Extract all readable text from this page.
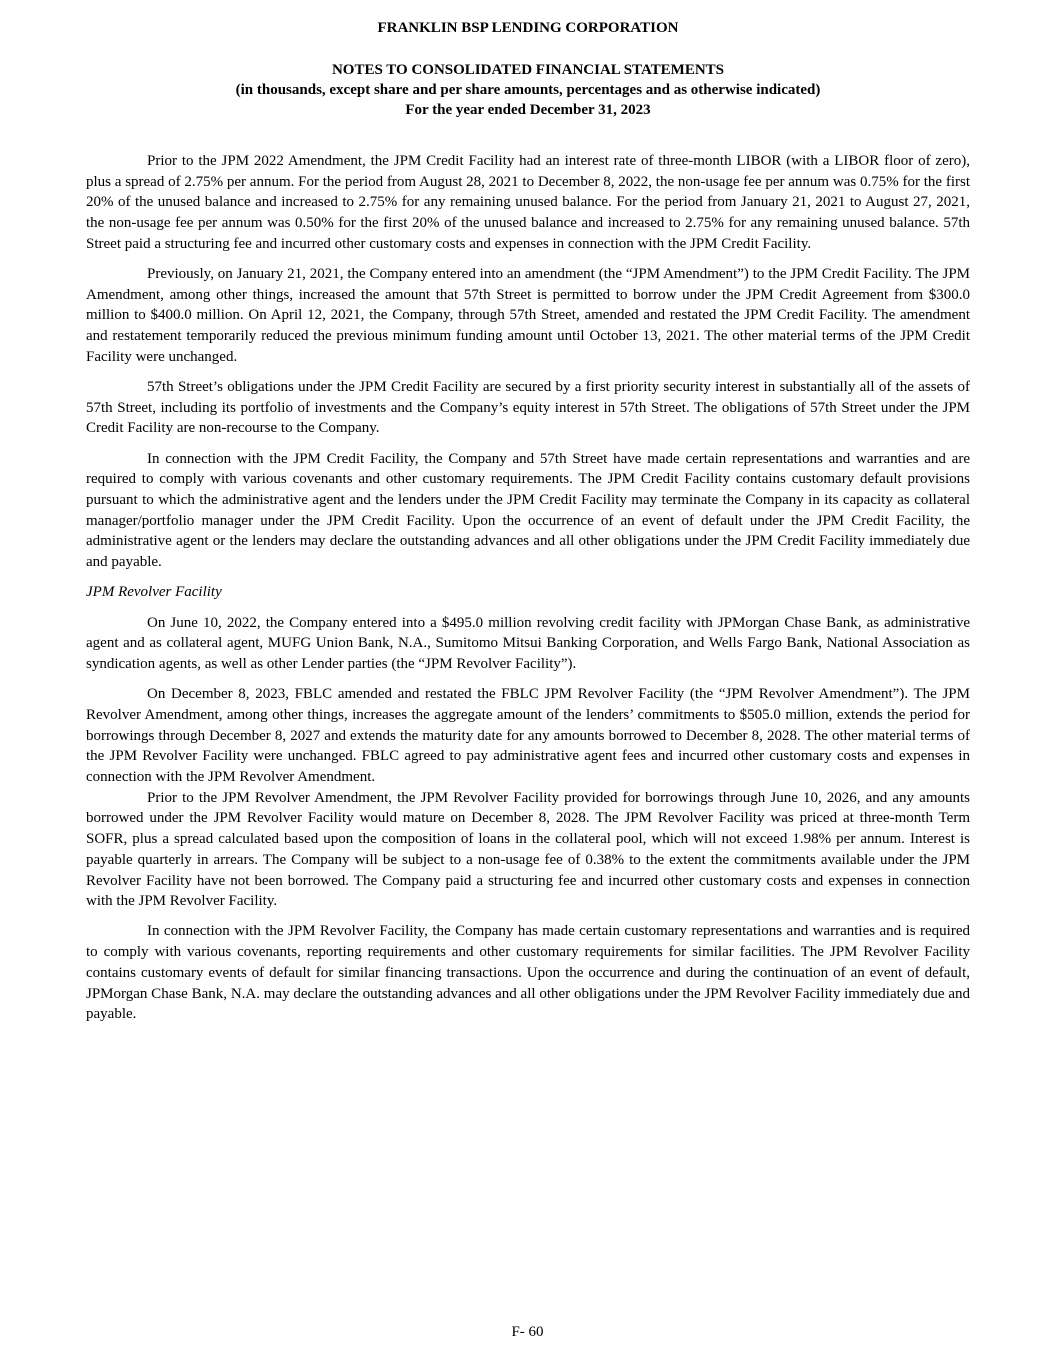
FRANKLIN BSP LENDING CORPORATION
NOTES TO CONSOLIDATED FINANCIAL STATEMENTS
(in thousands, except share and per share amounts, percentages and as otherwise indicated)
For the year ended December 31, 2023

Prior to the JPM 2022 Amendment, the JPM Credit Facility had an interest rate of three-month LIBOR (with a LIBOR floor of zero), plus a spread of 2.75% per annum. For the period from August 28, 2021 to December 8, 2022, the non-usage fee per annum was 0.75% for the first 20% of the unused balance and increased to 2.75% for any remaining unused balance. For the period from January 21, 2021 to August 27, 2021, the non-usage fee per annum was 0.50% for the first 20% of the unused balance and increased to 2.75% for any remaining unused balance. 57th Street paid a structuring fee and incurred other customary costs and expenses in connection with the JPM Credit Facility.

Previously, on January 21, 2021, the Company entered into an amendment (the “JPM Amendment”) to the JPM Credit Facility. The JPM Amendment, among other things, increased the amount that 57th Street is permitted to borrow under the JPM Credit Agreement from $300.0 million to $400.0 million. On April 12, 2021, the Company, through 57th Street, amended and restated the JPM Credit Facility. The amendment and restatement temporarily reduced the previous minimum funding amount until October 13, 2021. The other material terms of the JPM Credit Facility were unchanged.

57th Street’s obligations under the JPM Credit Facility are secured by a first priority security interest in substantially all of the assets of 57th Street, including its portfolio of investments and the Company’s equity interest in 57th Street. The obligations of 57th Street under the JPM Credit Facility are non-recourse to the Company.

In connection with the JPM Credit Facility, the Company and 57th Street have made certain representations and warranties and are required to comply with various covenants and other customary requirements. The JPM Credit Facility contains customary default provisions pursuant to which the administrative agent and the lenders under the JPM Credit Facility may terminate the Company in its capacity as collateral manager/portfolio manager under the JPM Credit Facility. Upon the occurrence of an event of default under the JPM Credit Facility, the administrative agent or the lenders may declare the outstanding advances and all other obligations under the JPM Credit Facility immediately due and payable.

JPM Revolver Facility

On June 10, 2022, the Company entered into a $495.0 million revolving credit facility with JPMorgan Chase Bank, as administrative agent and as collateral agent, MUFG Union Bank, N.A., Sumitomo Mitsui Banking Corporation, and Wells Fargo Bank, National Association as syndication agents, as well as other Lender parties (the “JPM Revolver Facility”).

On December 8, 2023, FBLC amended and restated the FBLC JPM Revolver Facility (the “JPM Revolver Amendment”). The JPM Revolver Amendment, among other things, increases the aggregate amount of the lenders’ commitments to $505.0 million, extends the period for borrowings through December 8, 2027 and extends the maturity date for any amounts borrowed to December 8, 2028. The other material terms of the JPM Revolver Facility were unchanged. FBLC agreed to pay administrative agent fees and incurred other customary costs and expenses in connection with the JPM Revolver Amendment.

Prior to the JPM Revolver Amendment, the JPM Revolver Facility provided for borrowings through June 10, 2026, and any amounts borrowed under the JPM Revolver Facility would mature on December 8, 2028. The JPM Revolver Facility was priced at three-month Term SOFR, plus a spread calculated based upon the composition of loans in the collateral pool, which will not exceed 1.98% per annum. Interest is payable quarterly in arrears. The Company will be subject to a non-usage fee of 0.38% to the extent the commitments available under the JPM Revolver Facility have not been borrowed. The Company paid a structuring fee and incurred other customary costs and expenses in connection with the JPM Revolver Facility.

In connection with the JPM Revolver Facility, the Company has made certain customary representations and warranties and is required to comply with various covenants, reporting requirements and other customary requirements for similar facilities. The JPM Revolver Facility contains customary events of default for similar financing transactions. Upon the occurrence and during the continuation of an event of default, JPMorgan Chase Bank, N.A. may declare the outstanding advances and all other obligations under the JPM Revolver Facility immediately due and payable.

F- 60
